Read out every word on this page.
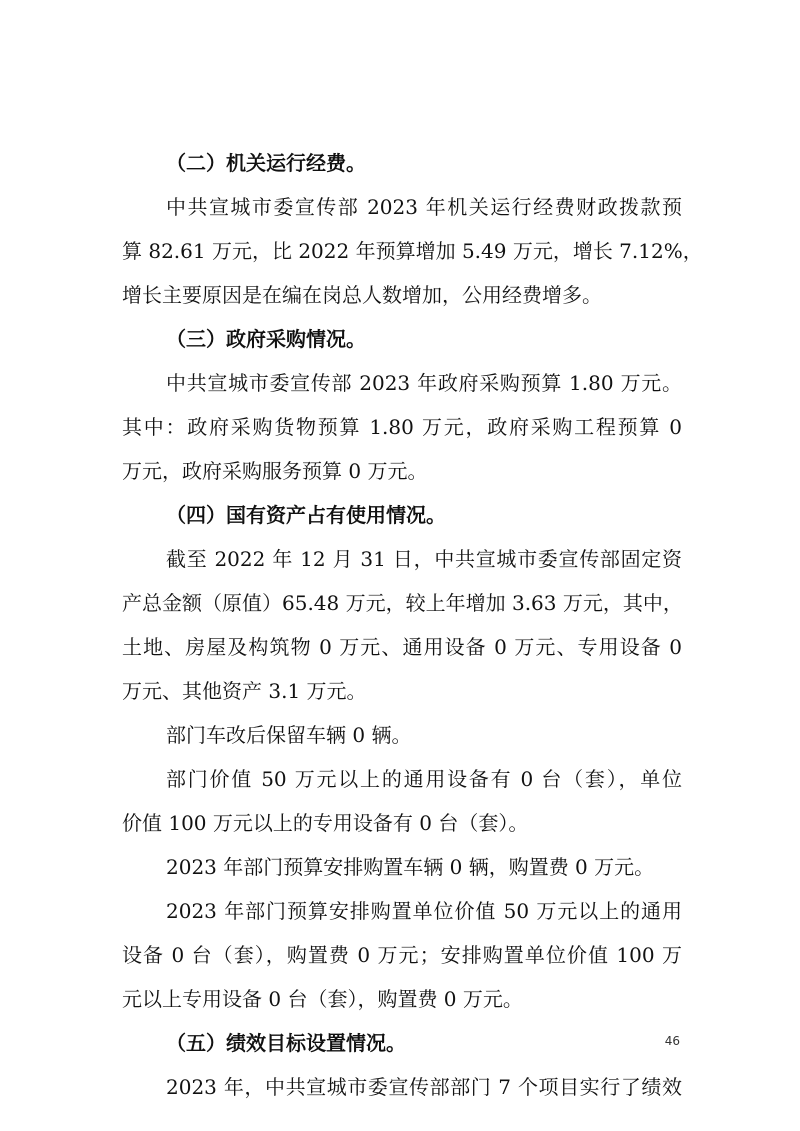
（二）机关运行经费。
中共宣城市委宣传部 2023 年机关运行经费财政拨款预
算 82.61 万元，比 2022 年预算增加 5.49 万元，增长 7.12%，
增长主要原因是在编在岗总人数增加，公用经费增多。
（三）政府采购情况。
中共宣城市委宣传部 2023 年政府采购预算 1.80 万元。
其中：政府采购货物预算 1.80 万元，政府采购工程预算 0
万元，政府采购服务预算 0 万元。
（四）国有资产占有使用情况。
截至 2022 年 12 月 31 日，中共宣城市委宣传部固定资
产总金额（原值）65.48 万元，较上年增加 3.63 万元，其中，
土地、房屋及构筑物 0 万元、通用设备 0 万元、专用设备 0
万元、其他资产 3.1 万元。
部门车改后保留车辆 0 辆。
部门价值 50 万元以上的通用设备有 0 台（套），单位
价值 100 万元以上的专用设备有 0 台（套）。
2023 年部门预算安排购置车辆 0 辆，购置费 0 万元。
2023 年部门预算安排购置单位价值 50 万元以上的通用
设备 0 台（套），购置费 0 万元；安排购置单位价值 100 万
元以上专用设备 0 台（套），购置费 0 万元。
（五）绩效目标设置情况。
2023 年，中共宣城市委宣传部部门 7 个项目实行了绩效
46
